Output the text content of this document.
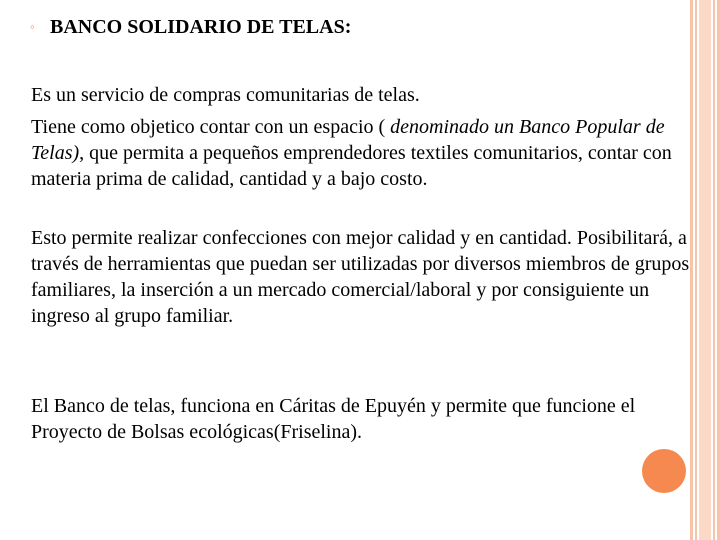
◦ BANCO SOLIDARIO DE TELAS:
Es un servicio de compras comunitarias de telas.
Tiene como objetico contar con un espacio ( denominado un Banco Popular de Telas), que permita a pequeños emprendedores textiles comunitarios, contar con materia prima de calidad, cantidad y a bajo costo.
Esto permite realizar confecciones con mejor calidad y en cantidad. Posibilitará, a través de herramientas que puedan ser utilizadas por diversos miembros de grupos familiares, la inserción a un mercado comercial/laboral y por consiguiente un ingreso al grupo familiar.
El Banco de telas, funciona en Cáritas de Epuyén y permite que funcione el Proyecto de Bolsas ecológicas(Friselina).
